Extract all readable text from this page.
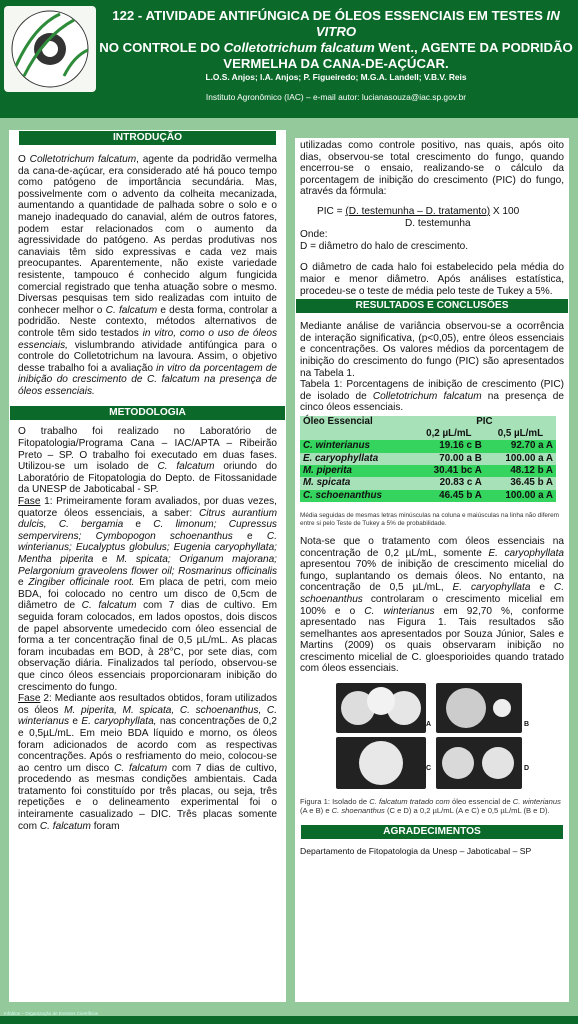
122 - ATIVIDADE ANTIFÚNGICA DE ÓLEOS ESSENCIAIS EM TESTES IN VITRO
NO CONTROLE DO Colletotrichum falcatum Went., AGENTE DA PODRIDÃO
VERMELHA DA CANA-DE-AÇÚCAR.
L.O.S. Anjos; I.A. Anjos; P. Figueiredo; M.G.A. Landell; V.B.V. Reis
Instituto Agronômico (IAC) – e-mail autor: lucianasouza@iac.sp.gov.br
INTRODUÇÃO
O Colletotrichum falcatum, agente da podridão vermelha da cana-de-açúcar, era considerado até há pouco tempo como patógeno de importância secundária. Mas, possivelmente com o advento da colheita mecanizada, aumentando a quantidade de palhada sobre o solo e o manejo inadequado do canavial, além de outros fatores, podem estar relacionados com o aumento da agressividade do patógeno. As perdas produtivas nos canaviais têm sido expressivas e cada vez mais preocupantes. Aparentemente, não existe variedade resistente, tampouco é conhecido algum fungicida comercial registrado que tenha atuação sobre o mesmo. Diversas pesquisas tem sido realizadas com intuito de conhecer melhor o C. falcatum e desta forma, controlar a podridão. Neste contexto, métodos alternativos de controle têm sido testados in vitro, como o uso de óleos essenciais, vislumbrando atividade antifúngica para o controle do Colletotrichum na lavoura. Assim, o objetivo desse trabalho foi a avaliação in vitro da porcentagem de inibição do crescimento de C. falcatum na presença de óleos essenciais.
METODOLOGIA
O trabalho foi realizado no Laboratório de Fitopatologia/Programa Cana – IAC/APTA – Ribeirão Preto – SP. O trabalho foi executado em duas fases. Utilizou-se um isolado de C. falcatum oriundo do Laboratório de Fitopatologia do Depto. de Fitossanidade da UNESP de Jaboticabal - SP.
Fase 1: Primeiramente foram avaliados, por duas vezes, quatorze óleos essenciais, a saber: Citrus aurantium dulcis, C. bergamia e C. limonum; Cupressus sempervirens; Cymbopogon schoenanthus e C. winterianus; Eucalyptus globulus; Eugenia caryophyllata; Mentha piperita e M. spicata; Origanum majorana; Pelargonium graveolens flower oil; Rosmarinus officinalis e Zingiber officinale root. Em placa de petri, com meio BDA, foi colocado no centro um disco de 0,5cm de diâmetro de C. falcatum com 7 dias de cultivo. Em seguida foram colocados, em lados opostos, dois discos de papel absorvente umedecido com óleo essencial de forma a ter concentração final de 0,5 µL/mL. As placas foram incubadas em BOD, à 28°C, por sete dias, com observação diária. Finalizados tal período, observou-se que cinco óleos essenciais proporcionaram inibição do crescimento do fungo.
Fase 2: Mediante aos resultados obtidos, foram utilizados os óleos M. piperita, M. spicata, C. schoenanthus, C. winterianus e E. caryophyllata, nas concentrações de 0,2 e 0,5µL/mL. Em meio BDA líquido e morno, os óleos foram adicionados de acordo com as respectivas concentrações. Após o resfriamento do meio, colocou-se ao centro um disco C. falcatum com 7 dias de cultivo, procedendo as mesmas condições ambientais. Cada tratamento foi constituído por três placas, ou seja, três repetições e o delineamento experimental foi o inteiramente casualizado – DIC. Três placas somente com C. falcatum foram
utilizadas como controle positivo, nas quais, após oito dias, observou-se total crescimento do fungo, quando encerrou-se o ensaio, realizando-se o cálculo da porcentagem de inibição do crescimento (PIC) do fungo, através da fórmula:
PIC = (D. testemunha – D. tratamento) X 100
D. testemunha
Onde:
D = diâmetro do halo de crescimento.
O diâmetro de cada halo foi estabelecido pela média do maior e menor diâmetro. Após análises estatística, procedeu-se o teste de média pelo teste de Tukey a 5%.
RESULTADOS E CONCLUSÕES
Mediante análise de variância observou-se a ocorrência de interação significativa, (p<0,05), entre óleos essenciais e concentrações. Os valores médios da porcentagem de inibição do crescimento do fungo (PIC) são apresentados na Tabela 1.
Tabela 1: Porcentagens de inibição de crescimento (PIC) de isolado de Colletotrichum falcatum na presença de cinco óleos essenciais.
Óleo Essencial	PIC	
	0,2 µL/mL	0,5 µL/mL
C. winterianus	19.16 c B	92.70 a A
E. caryophyllata	70.00 a B	100.00 a A
M. piperita	30.41 bc A	48.12 b A
M. spicata	20.83 c A	36.45 b A
C. schoenanthus	46.45 b A	100.00 a A
Média seguidas de mesmas letras minúsculas na coluna e maiúsculas na linha não diferem entre si pelo Teste de Tukey a 5% de probabilidade.
Nota-se que o tratamento com óleos essenciais na concentração de 0,2 µL/mL, somente E. caryophyllata apresentou 70% de inibição de crescimento micelial do fungo, suplantando os demais óleos. No entanto, na concentração de 0,5 µL/mL, E. caryophyllata e C. schoenanthus controlaram o crescimento micelial em 100% e o C. winterianus em 92,70 %, conforme apresentado nas Figura 1. Tais resultados são semelhantes aos apresentados por Souza Júnior, Sales e Martins (2009) os quais observaram inibição no crescimento micelial de C. gloesporioides quando tratado com óleos essenciais.
A	B
C	D
Figura 1: Isolado de C. falcatum tratado com óleo essencial de C. winterianus (A e B) e C. shoenanthus (C e D) a 0,2 µL/mL (A e C) e 0,5 µL/mL (B e D).
AGRADECIMENTOS
Departamento de Fitopatologia da Unesp – Jaboticabal – SP
Infoblos – Organização de Eventos Científicos
